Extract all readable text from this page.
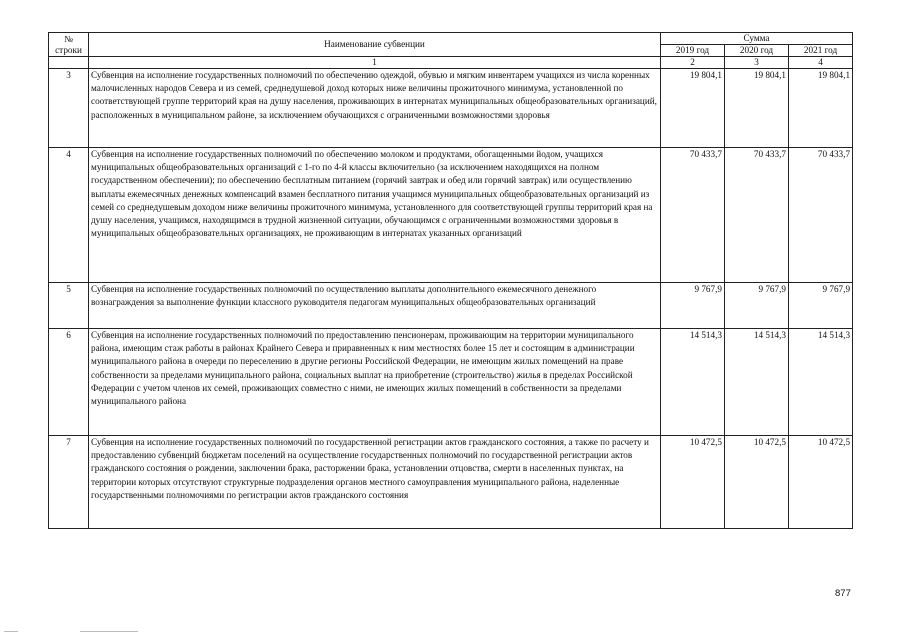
№
строки	Наименование субвенции	Сумма		
		2019 год	2020 год	2021 год
	1	2	3	4
3	Субвенция на исполнение государственных полномочий по обеспечению одеждой, обувью и мягким инвентарем учащихся из числа коренных малочисленных народов Севера и из семей, среднедушевой доход которых ниже величины прожиточного минимума, установленной по соответствующей группе территорий края на душу населения, проживающих в интернатах муниципальных общеобразовательных организаций, расположенных в муниципальном районе, за исключением обучающихся с ограниченными возможностями здоровья	19 804,1	19 804,1	19 804,1
4	Субвенция на исполнение государственных полномочий по обеспечению молоком и продуктами, обогащенными йодом, учащихся муниципальных общеобразовательных организаций с 1-го по 4-й классы включительно (за исключением находящихся на полном государственном обеспечении); по обеспечению бесплатным питанием (горячий завтрак и обед или горячий завтрак) или осуществлению выплаты ежемесячных денежных компенсаций взамен бесплатного питания учащимся муниципальных общеобразовательных организаций из семей со среднедушевым доходом ниже величины прожиточного минимума, установленного для соответствующей группы территорий края на душу населения, учащимся, находящимся в трудной жизненной ситуации, обучающимся с ограниченными возможностями здоровья в муниципальных общеобразовательных организациях, не проживающим в интернатах указанных организаций	70 433,7	70 433,7	70 433,7
5	Субвенция на исполнение государственных полномочий по осуществлению выплаты дополнительного ежемесячного денежного вознаграждения за выполнение функции классного руководителя педагогам муниципальных общеобразовательных организаций	9 767,9	9 767,9	9 767,9
6	Субвенция на исполнение государственных полномочий по предоставлению пенсионерам, проживающим на территории муниципального района, имеющим стаж работы в районах Крайнего Севера и приравненных к ним местностях более 15 лет и состоящим в администрации муниципального района в очереди по переселению в другие регионы Российской Федерации, не имеющим жилых помещений на праве собственности за пределами муниципального района, социальных выплат на приобретение (строительство) жилья в пределах Российской Федерации с учетом членов их семей, проживающих совместно с ними, не имеющих жилых помещений в собственности за пределами муниципального района	14 514,3	14 514,3	14 514,3
7	Субвенция на исполнение государственных полномочий по государственной регистрации актов гражданского состояния, а также по расчету и предоставлению субвенций бюджетам поселений на осуществление государственных полномочий по государственной регистрации актов гражданского состояния о рождении, заключении брака, расторжении брака, установлении отцовства, смерти в населенных пунктах, на территории которых отсутствуют структурные подразделения органов местного самоуправления муниципального района, наделенные государственными полномочиями по регистрации актов гражданского состояния	10 472,5	10 472,5	10 472,5
877
